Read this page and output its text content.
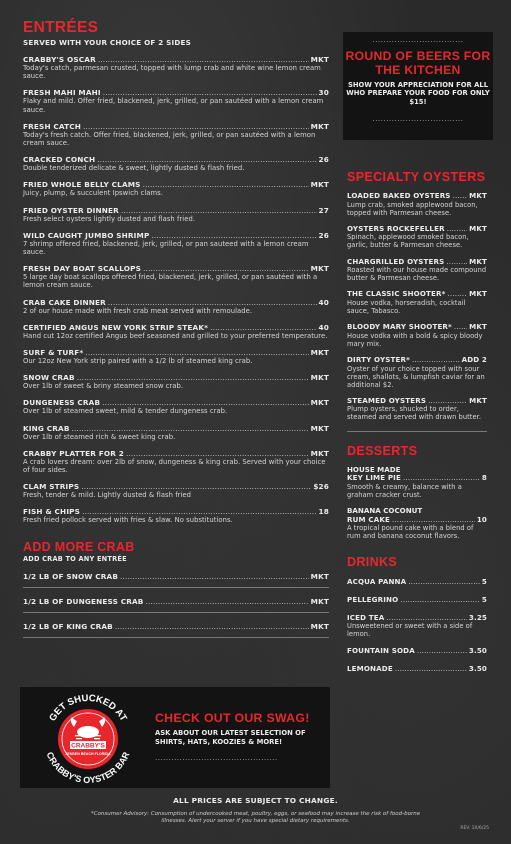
ENTRÉES
SERVED WITH YOUR CHOICE OF 2 SIDES
CRABBY'S OSCAR .....	MKT
Today's catch, parmesan crusted, topped with lump crab and white wine lemon cream sauce.
FRESH MAHI MAHI .....	30
Flaky and mild. Offer fried, blackened, jerk, grilled, or pan sautéed with a lemon cream sauce.
FRESH CATCH .....	MKT
Today's fresh catch. Offer fried, blackened, jerk, grilled, or pan sautéed with a lemon cream sauce.
CRACKED CONCH .....	26
Double tenderized delicate & sweet, lightly dusted & flash fried.
FRIED WHOLE BELLY CLAMS .....	MKT
Juicy, plump, & succulent Ipswich clams.
FRIED OYSTER DINNER .....	27
Fresh select oysters lightly dusted and flash fried.
WILD CAUGHT JUMBO SHRIMP .....	26
7 shrimp offered fried, blackened, jerk, grilled, or pan sauteed with a lemon cream sauce.
FRESH DAY BOAT SCALLOPS .....	MKT
5 large day boat scallops offered fried, blackened, jerk, grilled, or pan sautéed with a lemon cream sauce.
CRAB CAKE DINNER .....	40
2 of our house made with fresh crab meat served with remoulade.
CERTIFIED ANGUS NEW YORK STRIP STEAK* .....	40
Hand cut 12oz certified Angus beef seasoned and grilled to your preferred temperature.
SURF & TURF* .....	MKT
Our 12oz New York strip paired with a 1/2 lb of steamed king crab.
SNOW CRAB .....	MKT
Over 1lb of sweet & briny steamed snow crab.
DUNGENESS CRAB .....	MKT
Over 1lb of steamed sweet, mild & tender dungeness crab.
KING CRAB .....	MKT
Over 1lb of steamed rich & sweet king crab.
CRABBY PLATTER FOR 2 .....	MKT
A crab lovers dream: over 2lb of snow, dungeness & king crab. Served with your choice of four sides.
CLAM STRIPS .....	$26
Fresh, tender & mild. Lightly dusted & flash fried
FISH & CHIPS .....	18
Fresh fried pollock served with fries & slaw. No substitutions.
ADD MORE CRAB
ADD CRAB TO ANY ENTRÉE
1/2 LB OF SNOW CRAB .....	MKT
1/2 LB OF DUNGENESS CRAB .....	MKT
1/2 LB OF KING CRAB .....	MKT
CRABBY'S
JENSEN BEACH FLORIDA
GET SHUCKED AT
CRABBY'S OYSTER BAR
CHECK OUT OUR SWAG!
ASK ABOUT OUR LATEST SELECTION OF SHIRTS, HATS, KOOZIES & MORE!
.............................................
.................................
ROUND OF BEERS FOR THE KITCHEN
SHOW YOUR APPRECIATION FOR ALL WHO PREPARE YOUR FOOD FOR ONLY $15!
.................................
SPECIALTY OYSTERS
LOADED BAKED OYSTERS .....	MKT
Lump crab, smoked applewood bacon, topped with Parmesan cheese.
OYSTERS ROCKEFELLER .....	MKT
Spinach, applewood smoked bacon, garlic, butter & Parmesan cheese.
CHARGRILLED OYSTERS .....	MKT
Roasted with our house made compound butter & Parmesan cheese.
THE CLASSIC SHOOTER* .....	MKT
House vodka, horseradish, cocktail sauce, Tabasco.
BLOODY MARY SHOOTER* ..... MKT
House vodka with a bold & spicy bloody mary mix.
DIRTY OYSTER* .....	ADD 2
Oyster of your choice topped with sour cream, shallots, & lumpfish caviar for an additional $2.
STEAMED OYSTERS .....	MKT
Plump oysters, shucked to order, steamed and served with drawn butter.
DESSERTS
HOUSE MADE
KEY LIME PIE .....	8
Smooth & creamy, balance with a graham cracker crust.
BANANA COCONUT
RUM CAKE .....	10
A tropical pound cake with a blend of rum and banana coconut flavors.
DRINKS
ACQUA PANNA .....	5
PELLEGRINO .....	5
ICED TEA .....	3.25
Unsweetened or sweet with a side of lemon.
FOUNTAIN SODA .....	3.50
LEMONADE .....	3.50
ALL PRICES ARE SUBJECT TO CHANGE.
*Consumer Advisory: Consumption of undercooked meat, poultry, eggs, or seafood may increase the risk of food-borne illnesses. Alert your server if you have special dietary requirements.
REV. 10/6/25
